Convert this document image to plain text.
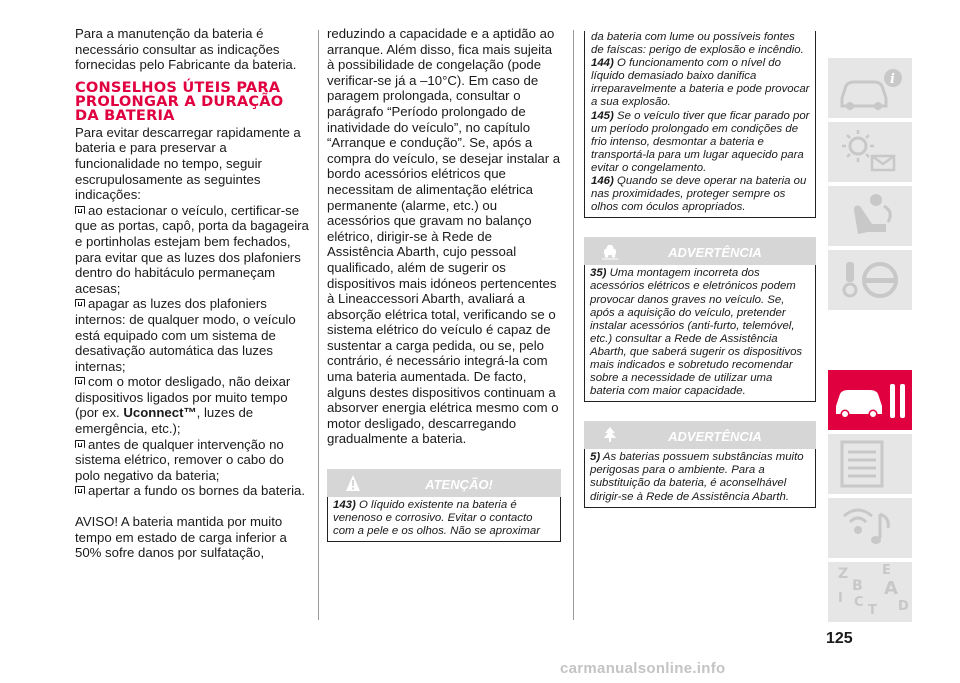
Para a manutenção da bateria é necessário consultar as indicações fornecidas pelo Fabricante da bateria.

CONSELHOS ÚTEIS PARA PROLONGAR A DURAÇÃO DA BATERIA

Para evitar descarregar rapidamente a bateria e para preservar a funcionalidade no tempo, seguir escrupulosamente as seguintes indicações:

ao estacionar o veículo, certificar-se que as portas, capô, porta da bagageira e portinholas estejam bem fechados, para evitar que as luzes dos plafoniers dentro do habitáculo permaneçam acesas;

apagar as luzes dos plafoniers internos: de qualquer modo, o veículo está equipado com um sistema de desativação automática das luzes internas;

com o motor desligado, não deixar dispositivos ligados por muito tempo (por ex. Uconnect™, luzes de emergência, etc.);

antes de qualquer intervenção no sistema elétrico, remover o cabo do polo negativo da bateria;

apertar a fundo os bornes da bateria.

AVISO! A bateria mantida por muito tempo em estado de carga inferior a 50% sofre danos por sulfatação,

reduzindo a capacidade e a aptidão ao arranque. Além disso, fica mais sujeita à possibilidade de congelação (pode verificar-se já a –10°C). Em caso de paragem prolongada, consultar o parágrafo “Período prolongado de inatividade do veículo”, no capítulo “Arranque e condução”. Se, após a compra do veículo, se desejar instalar a bordo acessórios elétricos que necessitam de alimentação elétrica permanente (alarme, etc.) ou acessórios que gravam no balanço elétrico, dirigir-se à Rede de Assistência Abarth, cujo pessoal qualificado, além de sugerir os dispositivos mais idóneos pertencentes à Lineaccessori Abarth, avaliará a absorção elétrica total, verificando se o sistema elétrico do veículo é capaz de sustentar a carga pedida, ou se, pelo contrário, é necessário integrá-la com uma bateria aumentada. De facto, alguns destes dispositivos continuam a absorver energia elétrica mesmo com o motor desligado, descarregando gradualmente a bateria.

ATENÇÃO!

143) O líquido existente na bateria é venenoso e corrosivo. Evitar o contacto com a pele e os olhos. Não se aproximar

da bateria com lume ou possíveis fontes de faíscas: perigo de explosão e incêndio.

144) O funcionamento com o nível do líquido demasiado baixo danifica irreparavelmente a bateria e pode provocar a sua explosão.

145) Se o veículo tiver que ficar parado por um período prolongado em condições de frio intenso, desmontar a bateria e transportá-la para um lugar aquecido para evitar o congelamento.

146) Quando se deve operar na bateria ou nas proximidades, proteger sempre os olhos com óculos apropriados.

ADVERTÊNCIA

35) Uma montagem incorreta dos acessórios elétricos e eletrónicos podem provocar danos graves no veículo. Se, após a aquisição do veículo, pretender instalar acessórios (anti-furto, telemóvel, etc.) consultar a Rede de Assistência Abarth, que saberá sugerir os dispositivos mais indicados e sobretudo recomendar sobre a necessidade de utilizar uma bateria com maior capacidade.

ADVERTÊNCIA

5) As baterias possuem substâncias muito perigosas para o ambiente. Para a substituição da bateria, é aconselhável dirigir-se à Rede de Assistência Abarth.

i
Z	E
B A
I C
T D
125
carmanualsonline.info
